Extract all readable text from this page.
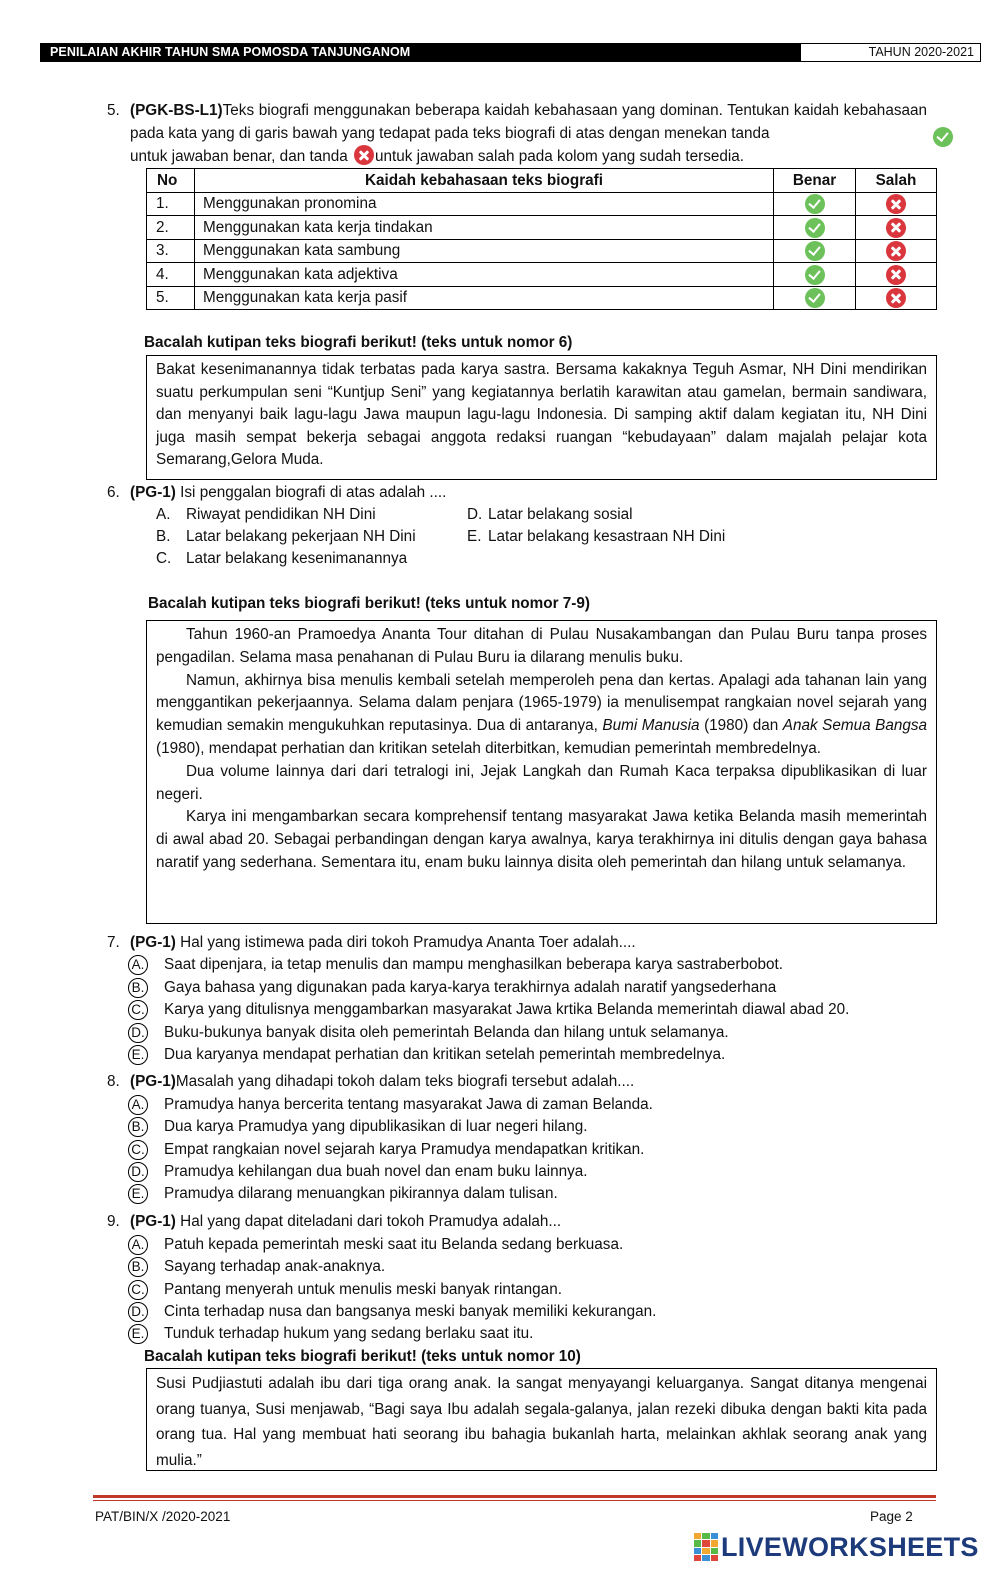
PENILAIAN AKHIR TAHUN SMA POMOSDA TANJUNGANOM	TAHUN 2020-2021
5. (PGK-BS-L1)Teks biografi menggunakan beberapa kaidah kebahasaan yang dominan. Tentukan kaidah kebahasaan pada kata yang di garis bawah yang tedapat pada teks biografi di atas dengan menekan tanda
untuk jawaban benar, dan tanda untuk jawaban salah pada kolom yang sudah tersedia.
No	Kaidah kebahasaan teks biografi	Benar	Salah
1.	Menggunakan pronomina		
2.	Menggunakan kata kerja tindakan		
3.	Menggunakan kata sambung		
4.	Menggunakan kata adjektiva		
5.	Menggunakan kata kerja pasif		
Bacalah kutipan teks biografi berikut! (teks untuk nomor 6)

Bakat kesenimanannya tidak terbatas pada karya sastra. Bersama kakaknya Teguh Asmar, NH Dini mendirikan suatu perkumpulan seni “Kuntjup Seni” yang kegiatannya berlatih karawitan atau gamelan, bermain sandiwara, dan menyanyi baik lagu-lagu Jawa maupun lagu-lagu Indonesia. Di samping aktif dalam kegiatan itu, NH Dini juga masih sempat bekerja sebagai anggota redaksi ruangan “kebudayaan” dalam majalah pelajar kota Semarang,Gelora Muda.

6. (PG-1) Isi penggalan biografi di atas adalah ....
A. Riwayat pendidikan NH Dini
B. Latar belakang pekerjaan NH Dini
C. Latar belakang kesenimanannya
D. Latar belakang sosial
E. Latar belakang kesastraan NH Dini
Bacalah kutipan teks biografi berikut! (teks untuk nomor 7-9)

Tahun 1960-an Pramoedya Ananta Tour ditahan di Pulau Nusakambangan dan Pulau Buru tanpa proses pengadilan. Selama masa penahanan di Pulau Buru ia dilarang menulis buku.

Namun, akhirnya bisa menulis kembali setelah memperoleh pena dan kertas. Apalagi ada tahanan lain yang menggantikan pekerjaannya. Selama dalam penjara (1965-1979) ia menulisempat rangkaian novel sejarah yang kemudian semakin mengukuhkan reputasinya. Dua di antaranya, Bumi Manusia (1980) dan Anak Semua Bangsa (1980), mendapat perhatian dan kritikan setelah diterbitkan, kemudian pemerintah membredelnya.

Dua volume lainnya dari dari tetralogi ini, Jejak Langkah dan Rumah Kaca terpaksa dipublikasikan di luar negeri.

Karya ini mengambarkan secara komprehensif tentang masyarakat Jawa ketika Belanda masih memerintah di awal abad 20. Sebagai perbandingan dengan karya awalnya, karya terakhirnya ini ditulis dengan gaya bahasa naratif yang sederhana. Sementara itu, enam buku lainnya disita oleh pemerintah dan hilang untuk selamanya.

7. (PG-1) Hal yang istimewa pada diri tokoh Pramudya Ananta Toer adalah....
A. Saat dipenjara, ia tetap menulis dan mampu menghasilkan beberapa karya sastraberbobot.
B. Gaya bahasa yang digunakan pada karya-karya terakhirnya adalah naratif yangsederhana
C. Karya yang ditulisnya menggambarkan masyarakat Jawa krtika Belanda memerintah diawal abad 20.
D. Buku-bukunya banyak disita oleh pemerintah Belanda dan hilang untuk selamanya.
E. Dua karyanya mendapat perhatian dan kritikan setelah pemerintah membredelnya.
8. (PG-1)Masalah yang dihadapi tokoh dalam teks biografi tersebut adalah....
A. Pramudya hanya bercerita tentang masyarakat Jawa di zaman Belanda.
B. Dua karya Pramudya yang dipublikasikan di luar negeri hilang.
C. Empat rangkaian novel sejarah karya Pramudya mendapatkan kritikan.
D. Pramudya kehilangan dua buah novel dan enam buku lainnya.
E. Pramudya dilarang menuangkan pikirannya dalam tulisan.
9. (PG-1) Hal yang dapat diteladani dari tokoh Pramudya adalah...
A. Patuh kepada pemerintah meski saat itu Belanda sedang berkuasa.
B. Sayang terhadap anak-anaknya.
C. Pantang menyerah untuk menulis meski banyak rintangan.
D. Cinta terhadap nusa dan bangsanya meski banyak memiliki kekurangan.
E. Tunduk terhadap hukum yang sedang berlaku saat itu.
Bacalah kutipan teks biografi berikut! (teks untuk nomor 10)

Susi Pudjiastuti adalah ibu dari tiga orang anak. Ia sangat menyayangi keluarganya. Sangat ditanya mengenai orang tuanya, Susi menjawab, “Bagi saya Ibu adalah segala-galanya, jalan rezeki dibuka dengan bakti kita pada orang tua. Hal yang membuat hati seorang ibu bahagia bukanlah harta, melainkan akhlak seorang anak yang mulia.”

PAT/BIN/X /2020-2021	Page 2
LIVEWORKSHEETS
